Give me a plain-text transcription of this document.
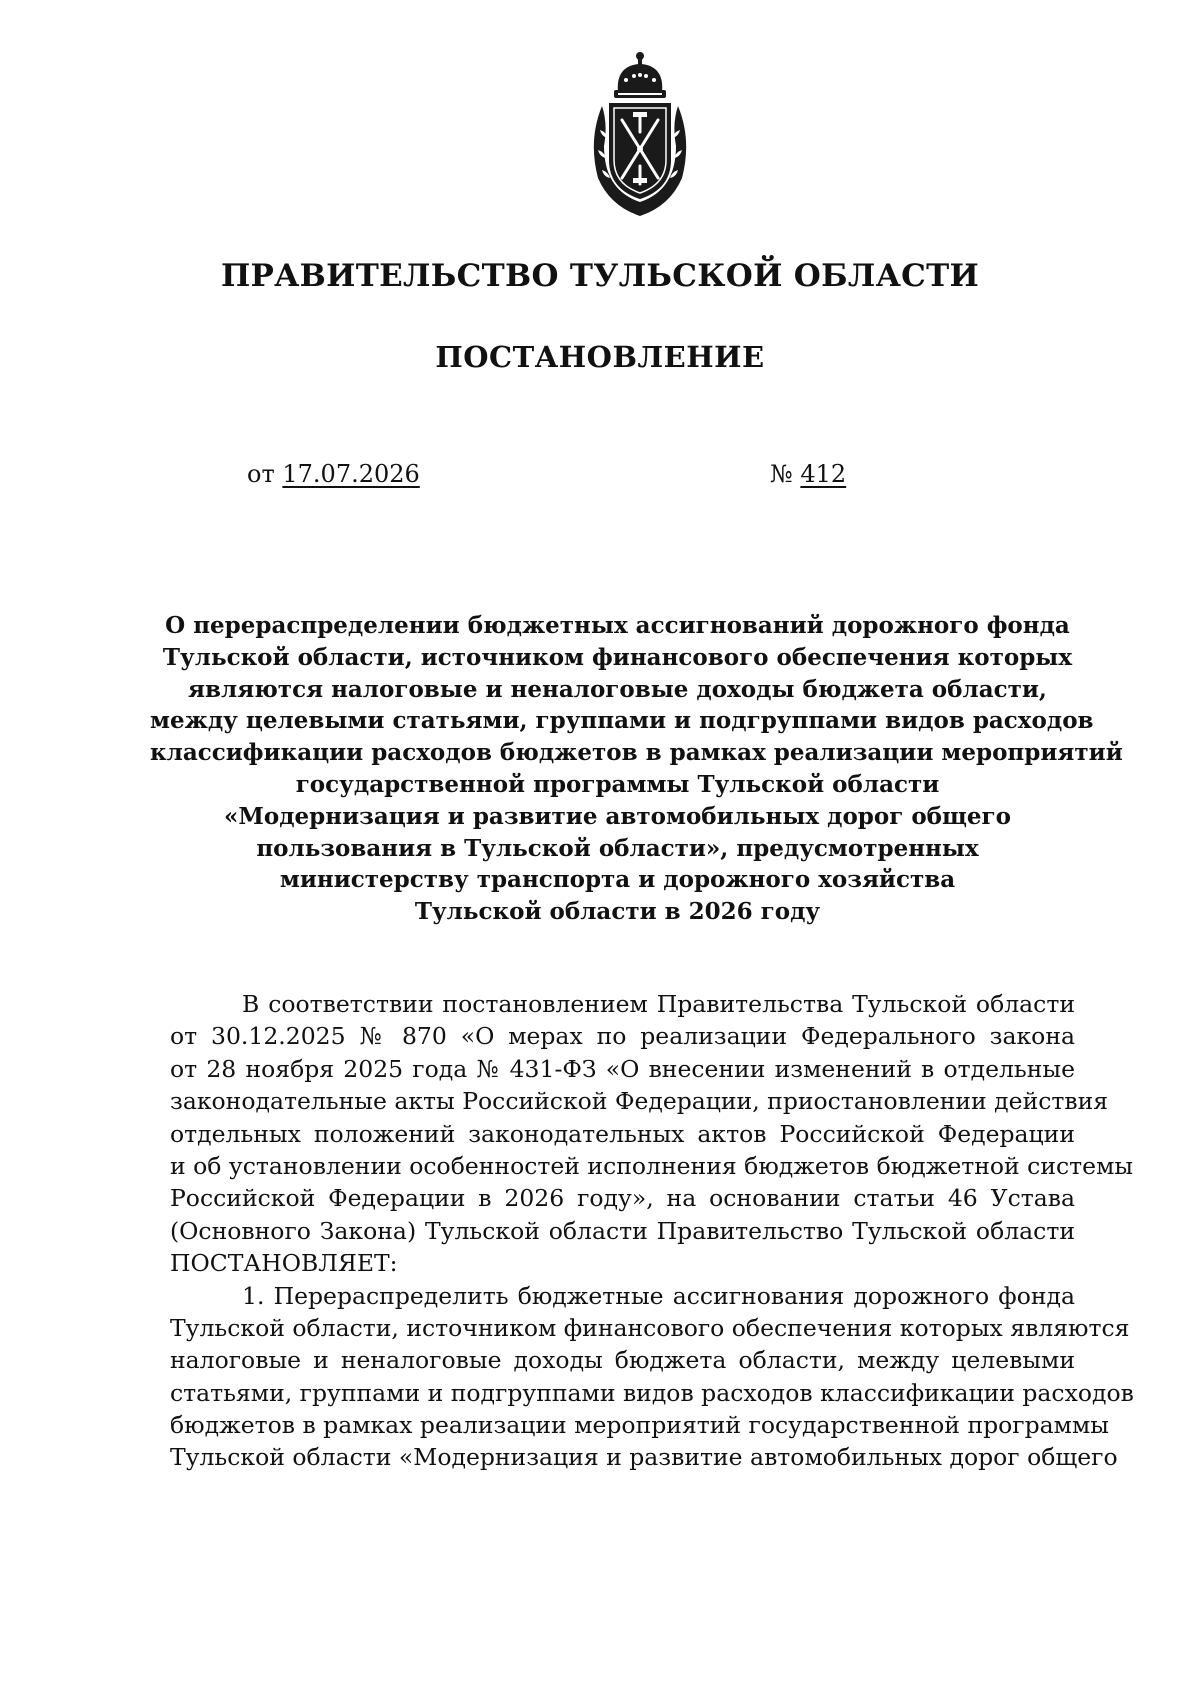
ПРАВИТЕЛЬСТВО ТУЛЬСКОЙ ОБЛАСТИ
ПОСТАНОВЛЕНИЕ
от 17.07.2026	№ 412
О перераспределении бюджетных ассигнований дорожного фонда
Тульской области, источником финансового обеспечения которых
являются налоговые и неналоговые доходы бюджета области,
между целевыми статьями, группами и подгруппами видов расходов
классификации расходов бюджетов в рамках реализации мероприятий
государственной программы Тульской области
«Модернизация и развитие автомобильных дорог общего
пользования в Тульской области», предусмотренных
министерству транспорта и дорожного хозяйства
Тульской области в 2026 году
В соответствии постановлением Правительства Тульской области
от 30.12.2025 № 870 «О мерах по реализации Федерального закона
от 28 ноября 2025 года № 431-ФЗ «О внесении изменений в отдельные
законодательные акты Российской Федерации, приостановлении действия
отдельных положений законодательных актов Российской Федерации
и об установлении особенностей исполнения бюджетов бюджетной системы
Российской Федерации в 2026 году», на основании статьи 46 Устава
(Основного Закона) Тульской области Правительство Тульской области
ПОСТАНОВЛЯЕТ:
1. Перераспределить бюджетные ассигнования дорожного фонда
Тульской области, источником финансового обеспечения которых являются
налоговые и неналоговые доходы бюджета области, между целевыми
статьями, группами и подгруппами видов расходов классификации расходов
бюджетов в рамках реализации мероприятий государственной программы
Тульской области «Модернизация и развитие автомобильных дорог общего
